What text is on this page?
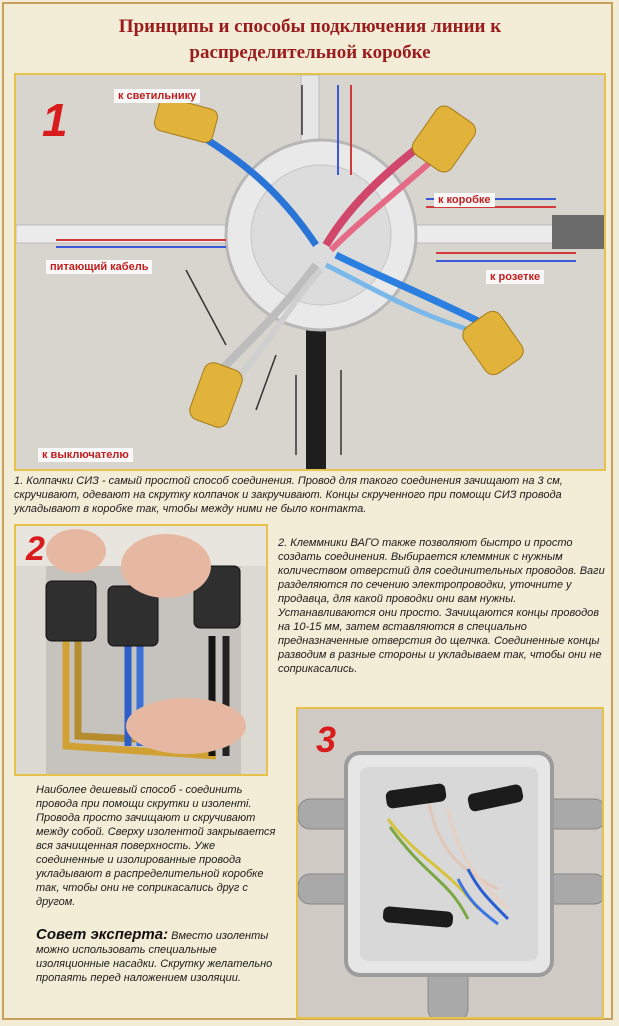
Принципы и способы подключения линии к
распределительной коробке
1	к светильнику
к коробке
питающий кабель
к розетке
к выключателю
1. Колпачки СИЗ - самый простой способ соединения. Провод для такого соединения зачищают на 3 см, скручивают, одевают на скрутку колпачок и закручивают. Концы скрученного при помощи СИЗ провода укладывают в коробке так, чтобы между ними не было контакта.
2	2. Клеммники ВАГО также позволяют быстро и просто создать соединения. Выбирается клеммник с нужным количеством отверстий для соединительных проводов. Ваги разделяются по сечению электропроводки, уточните у продавца, для какой проводки они вам нужны. Устанавливаются они просто. Зачищаются концы проводов на 10-15 мм, затем вставляются в специально предназначенные отверстия до щелчка. Соединенные концы разводим в разные стороны и укладываем так, чтобы они не соприкасались.
3
Наиболее дешевый способ - соединить провода при помощи скрутки и изолентi. Провода просто зачищают и скручивают между собой. Сверху изолентой закрывается вся зачищенная поверхность. Уже соединенные и изолированные провода укладывают в распределительной коробке так, чтобы они не соприкасались друг с другом.
Совет эксперта: Вместо изоленты можно использовать специальные изоляционные насадки. Скрутку желательно пропаять перед наложением изоляции.
